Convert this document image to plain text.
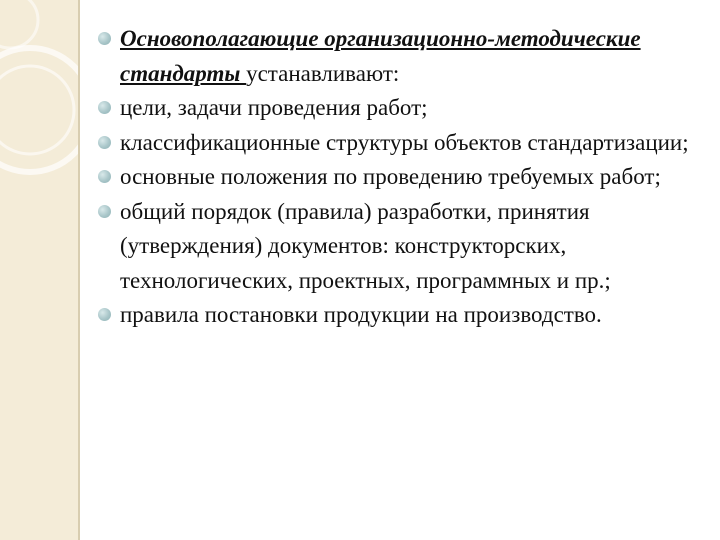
Основополагающие организационно-методические стандарты устанавливают:
цели, задачи проведения работ;
классификационные структуры объектов стандартизации;
основные положения по проведению требуемых работ;
общий порядок (правила) разработки, принятия (утверждения) документов: конструкторских, технологических, проектных, программных и пр.;
правила постановки продукции на производство.
